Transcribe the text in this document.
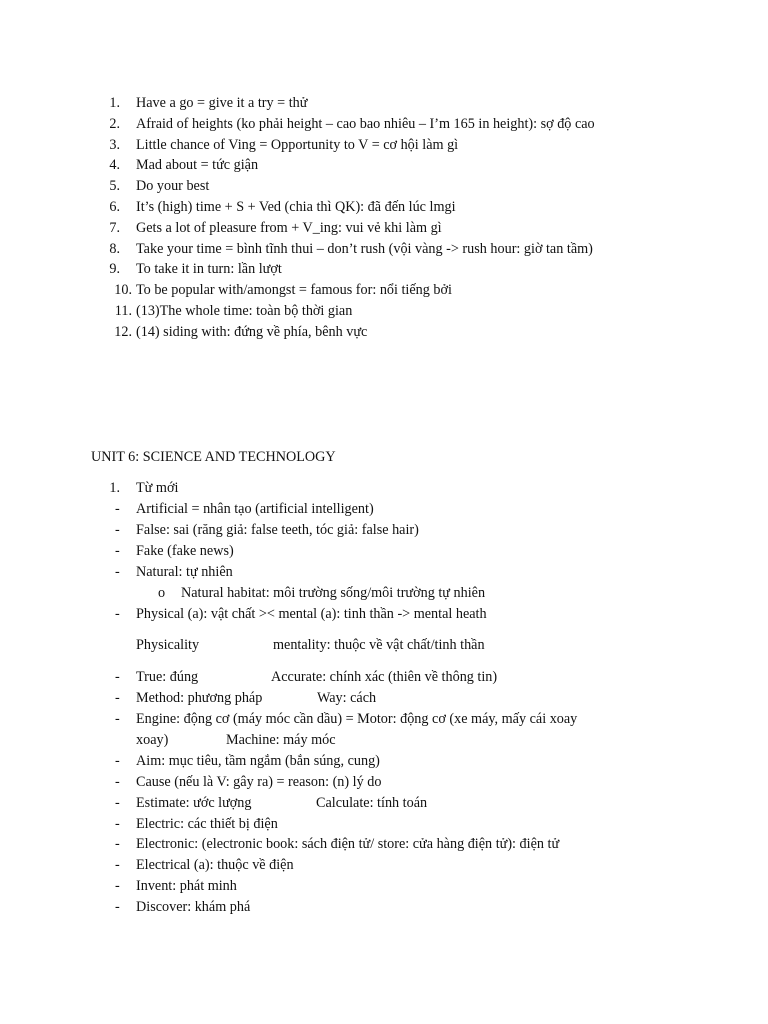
1. Have a go = give it a try = thử
2. Afraid of heights (ko phải height – cao bao nhiêu – I’m 165 in height): sợ độ cao
3. Little chance of Ving = Opportunity to V = cơ hội làm gì
4. Mad about = tức giận
5. Do your best
6. It’s (high) time + S + Ved (chia thì QK): đã đến lúc lmgi
7. Gets a lot of pleasure from + V_ing: vui vẻ khi làm gì
8. Take your time = bình tĩnh thui – don’t rush (vội vàng -> rush hour: giờ tan tầm)
9. To take it in turn: lần lượt
10. To be popular with/amongst = famous for: nổi tiếng bởi
11. (13)The whole time: toàn bộ thời gian
12. (14) siding with: đứng về phía, bênh vực
UNIT 6: SCIENCE AND TECHNOLOGY
1. Từ mới
- Artificial = nhân tạo (artificial intelligent)
- False: sai (răng giả: false teeth, tóc giả: false hair)
- Fake (fake news)
- Natural: tự nhiên
o Natural habitat: môi trường sống/môi trường tự nhiên
- Physical (a): vật chất >< mental (a): tinh thần -> mental heath
Physicality	mentality: thuộc về vật chất/tinh thần
- True: đúng	Accurate: chính xác (thiên về thông tin)
- Method: phương pháp	Way: cách
- Engine: động cơ (máy móc cần dầu) = Motor: động cơ (xe máy, mấy cái xoay
xoay)	Machine: máy móc
- Aim: mục tiêu, tầm ngắm (bắn súng, cung)
- Cause (nếu là V: gây ra) = reason: (n) lý do
- Estimate: ước lượng	Calculate: tính toán
- Electric: các thiết bị điện
- Electronic: (electronic book: sách điện tử/ store: cửa hàng điện tử): điện tử
- Electrical (a): thuộc về điện
- Invent: phát minh
- Discover: khám phá
